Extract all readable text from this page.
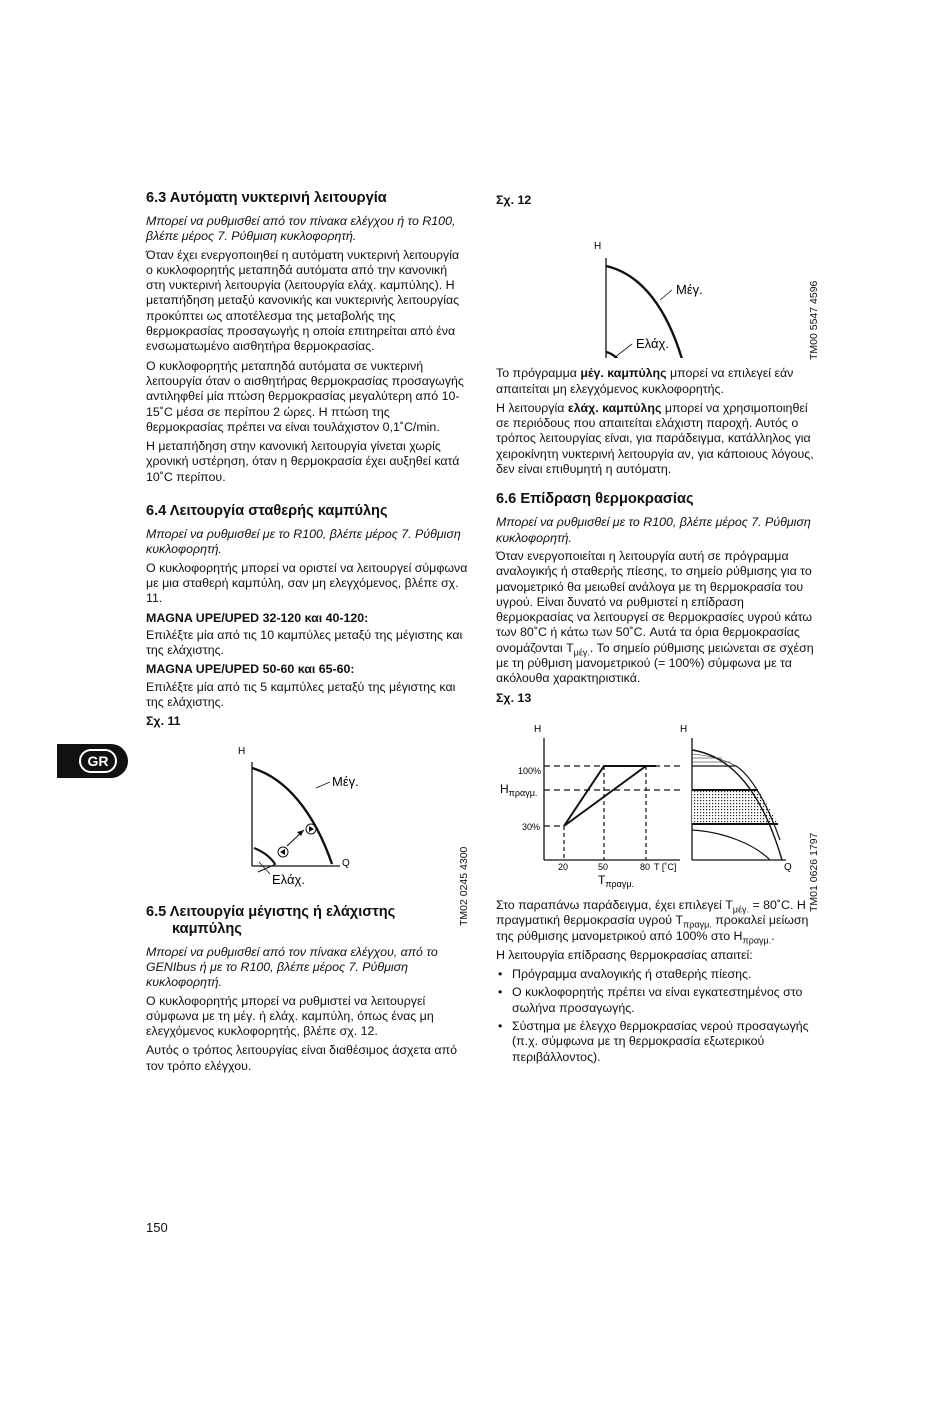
6.3 Αυτόματη νυκτερινή λειτουργία
Μπορεί να ρυθμισθεί από τον πίνακα ελέγχου ή το R100, βλέπε μέρος 7. Ρύθμιση κυκλοφορητή.
Όταν έχει ενεργοποιηθεί η αυτόματη νυκτερινή λειτουργία ο κυκλοφορητής μεταπηδά αυτόματα από την κανονική στη νυκτερινή λειτουργία (λειτουργία ελάχ. καμπύλης). Η μεταπήδηση μεταξύ κανονικής και νυκτερινής λειτουργίας προκύπτει ως αποτέλεσμα της μεταβολής της θερμοκρασίας προσαγωγής η οποία επιτηρείται από ένα ενσωματωμένο αισθητήρα θερμοκρασίας.
Ο κυκλοφορητής μεταπηδά αυτόματα σε νυκτερινή λειτουργία όταν ο αισθητήρας θερμοκρασίας προσαγωγής αντιληφθεί μία πτώση θερμοκρασίας μεγαλύτερη από 10-15˚C μέσα σε περίπου 2 ώρες. Η πτώση της θερμοκρασίας πρέπει να είναι τουλάχιστον 0,1˚C/min.
Η μεταπήδηση στην κανονική λειτουργία γίνεται χωρίς χρονική υστέρηση, όταν η θερμοκρασία έχει αυξηθεί κατά 10˚C περίπου.
6.4 Λειτουργία σταθερής καμπύλης
Μπορεί να ρυθμισθεί με το R100, βλέπε μέρος 7. Ρύθμιση κυκλοφορητή.
Ο κυκλοφορητής μπορεί να οριστεί να λειτουργεί σύμφωνα με μια σταθερή καμπύλη, σαν μη ελεγχόμενος, βλέπε σχ. 11.
MAGNA UPE/UPED 32-120 και 40-120:
Επιλέξτε μία από τις 10 καμπύλες μεταξύ της μέγιστης και της ελάχιστης.
MAGNA UPE/UPED 50-60 και 65-60:
Επιλέξτε μία από τις 5 καμπύλες μεταξύ της μέγιστης και της ελάχιστης.
Σχ. 11
H
Q
Μέγ.
Ελάχ.
6.5 Λειτουργία μέγιστης ή ελάχιστης καμπύλης
Μπορεί να ρυθμισθεί από τον πίνακα ελέγχου, από το GENIbus ή με το R100, βλέπε μέρος 7. Ρύθμιση κυκλοφορητή.
Ο κυκλοφορητής μπορεί να ρυθμιστεί να λειτουργεί σύμφωνα με τη μέγ. ή ελάχ. καμπύλη, όπως ένας μη ελεγχόμενος κυκλοφορητής, βλέπε σχ. 12.
Αυτός ο τρόπος λειτουργίας είναι διαθέσιμος άσχετα από τον τρόπο ελέγχου.
TM02 0245 4300
Σχ. 12
H
Μέγ.
Ελάχ.
Το πρόγραμμα μέγ. καμπύλης μπορεί να επιλεγεί εάν απαιτείται μη ελεγχόμενος κυκλοφορητής.
Η λειτουργία ελάχ. καμπύλης μπορεί να χρησιμοποιηθεί σε περιόδους που απαιτείται ελάχιστη παροχή. Αυτός ο τρόπος λειτουργίας είναι, για παράδειγμα, κατάλληλος για χειροκίνητη νυκτερινή λειτουργία αν, για κάποιους λόγους, δεν είναι επιθυμητή η αυτόματη.
6.6 Επίδραση θερμοκρασίας
Μπορεί να ρυθμισθεί με το R100, βλέπε μέρος 7. Ρύθμιση κυκλοφορητή.
Όταν ενεργοποιείται η λειτουργία αυτή σε πρόγραμμα αναλογικής ή σταθερής πίεσης, το σημείο ρύθμισης για το μανομετρικό θα μειωθεί ανάλογα με τη θερμοκρασία του υγρού. Είναι δυνατό να ρυθμιστεί η επίδραση θερμοκρασίας να λειτουργεί σε θερμοκρασίες υγρού κάτω των 80˚C ή κάτω των 50˚C. Αυτά τα όρια θερμοκρασίας ονομάζονται $T_{\mu έ\gamma.}$. Το σημείο ρύθμισης μειώνεται σε σχέση με τη ρύθμιση μανομετρικού (= 100%) σύμφωνα με τα ακόλουθα χαρακτηριστικά.
Σχ. 13
H
100%
30%
$H_{\pi\rho\alpha\gamma\mu.}$
20	50	80 T [˚C]
$T_{\pi\rho\alpha\gamma\mu.}$
H
Q
Στο παραπάνω παράδειγμα, έχει επιλεγεί $T_{\mu έ\gamma.}$ = 80˚C. Η πραγματική θερμοκρασία υγρού $T_{\pi\rho\alpha\gamma\mu.}$ προκαλεί μείωση της ρύθμισης μανομετρικού από 100% στο $H_{\pi\rho\alpha\gamma\mu.}$.
Η λειτουργία επίδρασης θερμοκρασίας απαιτεί:
• Πρόγραμμα αναλογικής ή σταθερής πίεσης.
• Ο κυκλοφορητής πρέπει να είναι εγκατεστημένος στο σωλήνα προσαγωγής.
• Σύστημα με έλεγχο θερμοκρασίας νερού προσαγωγής (π.χ. σύμφωνα με τη θερμοκρασία εξωτερικού περιβάλλοντος).
TM00 5547 4596
TM01 0626 1797
GR
150
